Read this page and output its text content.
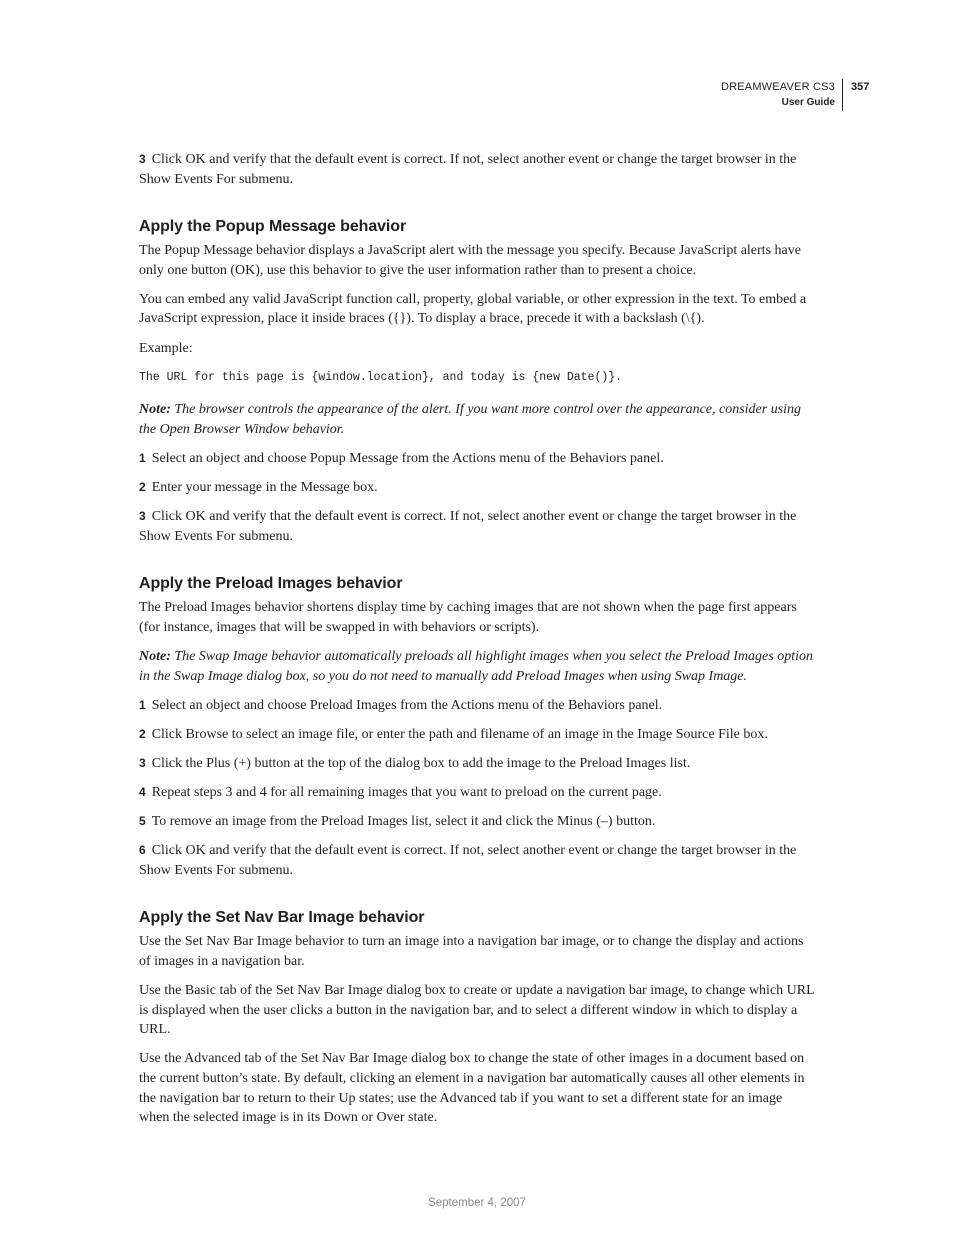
DREAMWEAVER CS3
User Guide
357

3 Click OK and verify that the default event is correct. If not, select another event or change the target browser in the Show Events For submenu.

Apply the Popup Message behavior

The Popup Message behavior displays a JavaScript alert with the message you specify. Because JavaScript alerts have only one button (OK), use this behavior to give the user information rather than to present a choice.

You can embed any valid JavaScript function call, property, global variable, or other expression in the text. To embed a JavaScript expression, place it inside braces ({}). To display a brace, precede it with a backslash (\{).

Example:

The URL for this page is {window.location}, and today is {new Date()}.

Note: The browser controls the appearance of the alert. If you want more control over the appearance, consider using the Open Browser Window behavior.

1 Select an object and choose Popup Message from the Actions menu of the Behaviors panel.

2 Enter your message in the Message box.

3 Click OK and verify that the default event is correct. If not, select another event or change the target browser in the Show Events For submenu.

Apply the Preload Images behavior

The Preload Images behavior shortens display time by caching images that are not shown when the page first appears (for instance, images that will be swapped in with behaviors or scripts).

Note: The Swap Image behavior automatically preloads all highlight images when you select the Preload Images option in the Swap Image dialog box, so you do not need to manually add Preload Images when using Swap Image.

1 Select an object and choose Preload Images from the Actions menu of the Behaviors panel.

2 Click Browse to select an image file, or enter the path and filename of an image in the Image Source File box.

3 Click the Plus (+) button at the top of the dialog box to add the image to the Preload Images list.

4 Repeat steps 3 and 4 for all remaining images that you want to preload on the current page.

5 To remove an image from the Preload Images list, select it and click the Minus (–) button.

6 Click OK and verify that the default event is correct. If not, select another event or change the target browser in the Show Events For submenu.

Apply the Set Nav Bar Image behavior

Use the Set Nav Bar Image behavior to turn an image into a navigation bar image, or to change the display and actions of images in a navigation bar.

Use the Basic tab of the Set Nav Bar Image dialog box to create or update a navigation bar image, to change which URL is displayed when the user clicks a button in the navigation bar, and to select a different window in which to display a URL.

Use the Advanced tab of the Set Nav Bar Image dialog box to change the state of other images in a document based on the current button’s state. By default, clicking an element in a navigation bar automatically causes all other elements in the navigation bar to return to their Up states; use the Advanced tab if you want to set a different state for an image when the selected image is in its Down or Over state.

September 4, 2007
